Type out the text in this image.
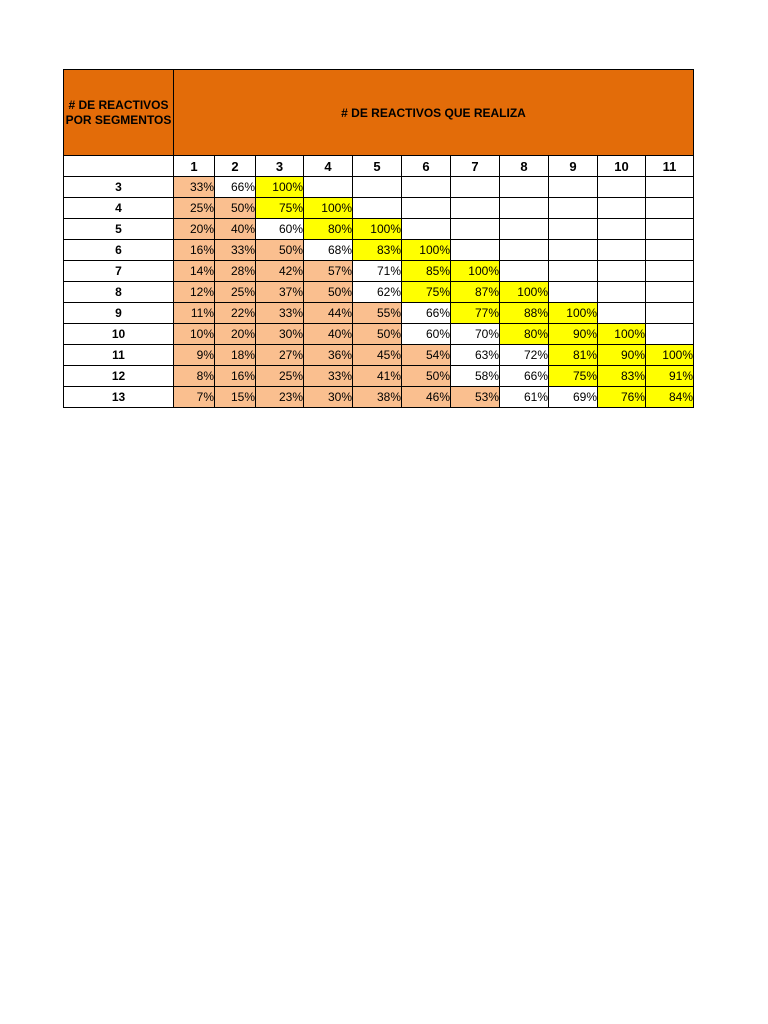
# DE REACTIVOS POR SEGMENTOS	# DE REACTIVOS QUE REALIZA										
	1	2	3	4	5	6	7	8	9	10	11
3	33%	66%	100%								
4	25%	50%	75%	100%							
5	20%	40%	60%	80%	100%						
6	16%	33%	50%	68%	83%	100%					
7	14%	28%	42%	57%	71%	85%	100%				
8	12%	25%	37%	50%	62%	75%	87%	100%			
9	11%	22%	33%	44%	55%	66%	77%	88%	100%		
10	10%	20%	30%	40%	50%	60%	70%	80%	90%	100%	
11	9%	18%	27%	36%	45%	54%	63%	72%	81%	90%	100%
12	8%	16%	25%	33%	41%	50%	58%	66%	75%	83%	91%
13	7%	15%	23%	30%	38%	46%	53%	61%	69%	76%	84%
